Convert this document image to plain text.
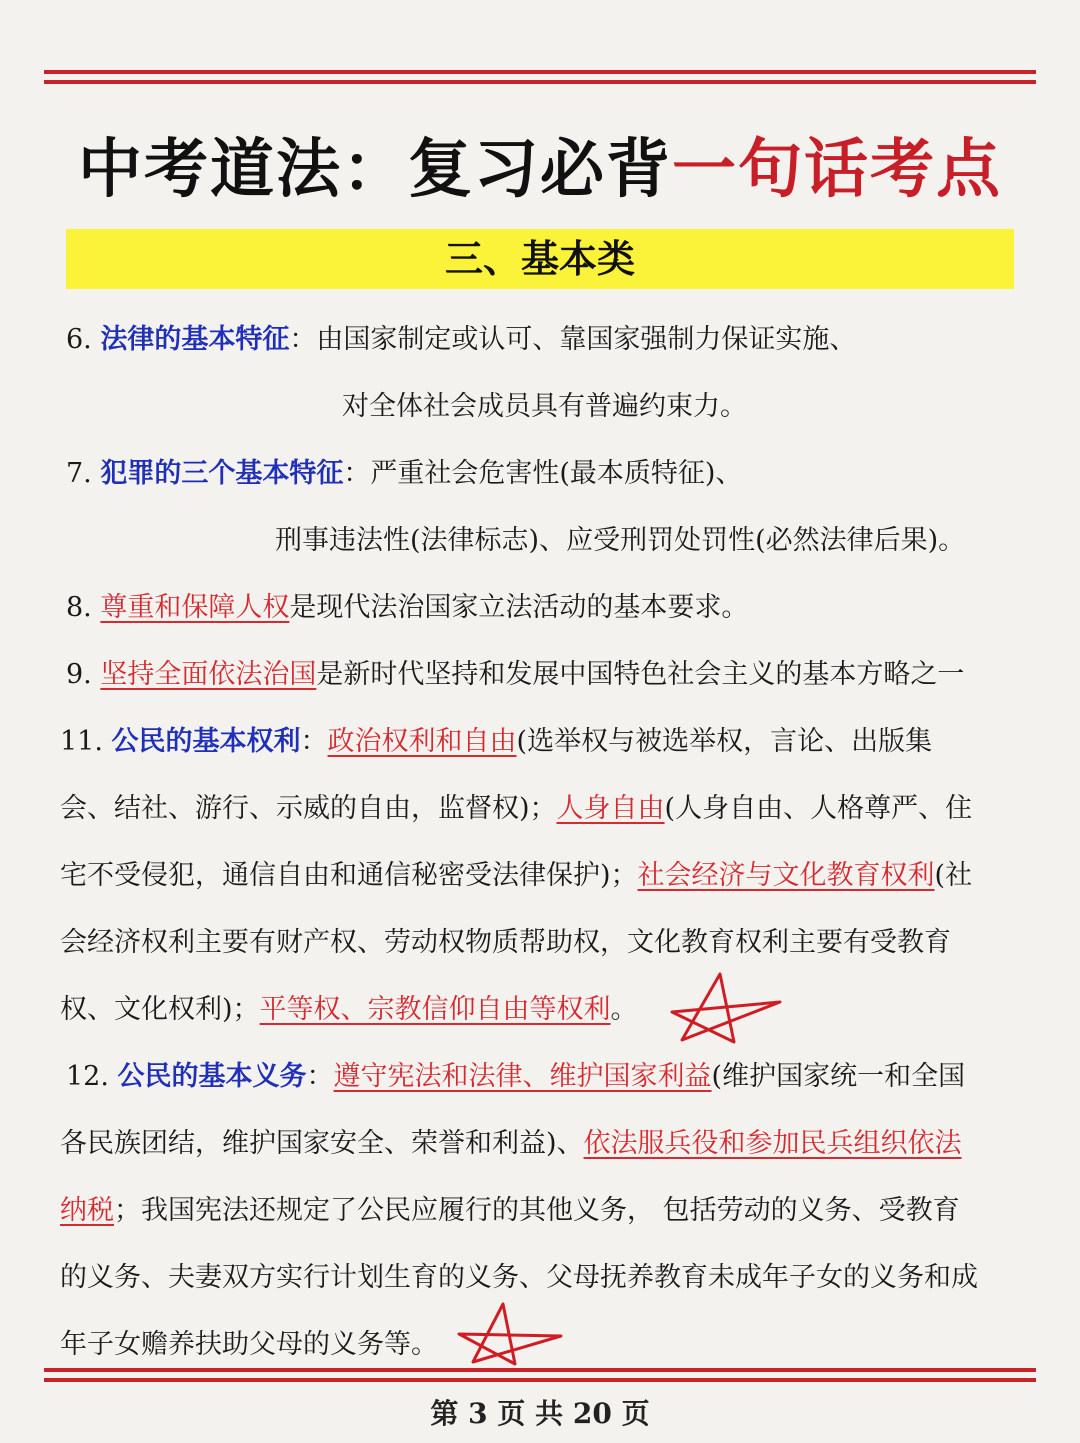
中考道法：复习必背一句话考点
三、基本类
6. 法律的基本特征：由国家制定或认可、靠国家强制力保证实施、
对全体社会成员具有普遍约束力。
7. 犯罪的三个基本特征：严重社会危害性(最本质特征)、
刑事违法性(法律标志)、应受刑罚处罚性(必然法律后果)。
8. 尊重和保障人权是现代法治国家立法活动的基本要求。
9. 坚持全面依法治国是新时代坚持和发展中国特色社会主义的基本方略之一
11. 公民的基本权利：政治权利和自由(选举权与被选举权，言论、出版集
会、结社、游行、示威的自由，监督权)；人身自由(人身自由、人格尊严、住
宅不受侵犯，通信自由和通信秘密受法律保护)；社会经济与文化教育权利(社
会经济权利主要有财产权、劳动权物质帮助权，文化教育权利主要有受教育
权、文化权利)；平等权、宗教信仰自由等权利。
12. 公民的基本义务：遵守宪法和法律、维护国家利益(维护国家统一和全国
各民族团结，维护国家安全、荣誉和利益)、依法服兵役和参加民兵组织依法
纳税；我国宪法还规定了公民应履行的其他义务， 包括劳动的义务、受教育
的义务、夫妻双方实行计划生育的义务、父母抚养教育未成年子女的义务和成
年子女赡养扶助父母的义务等。
第 3 页 共 20 页
